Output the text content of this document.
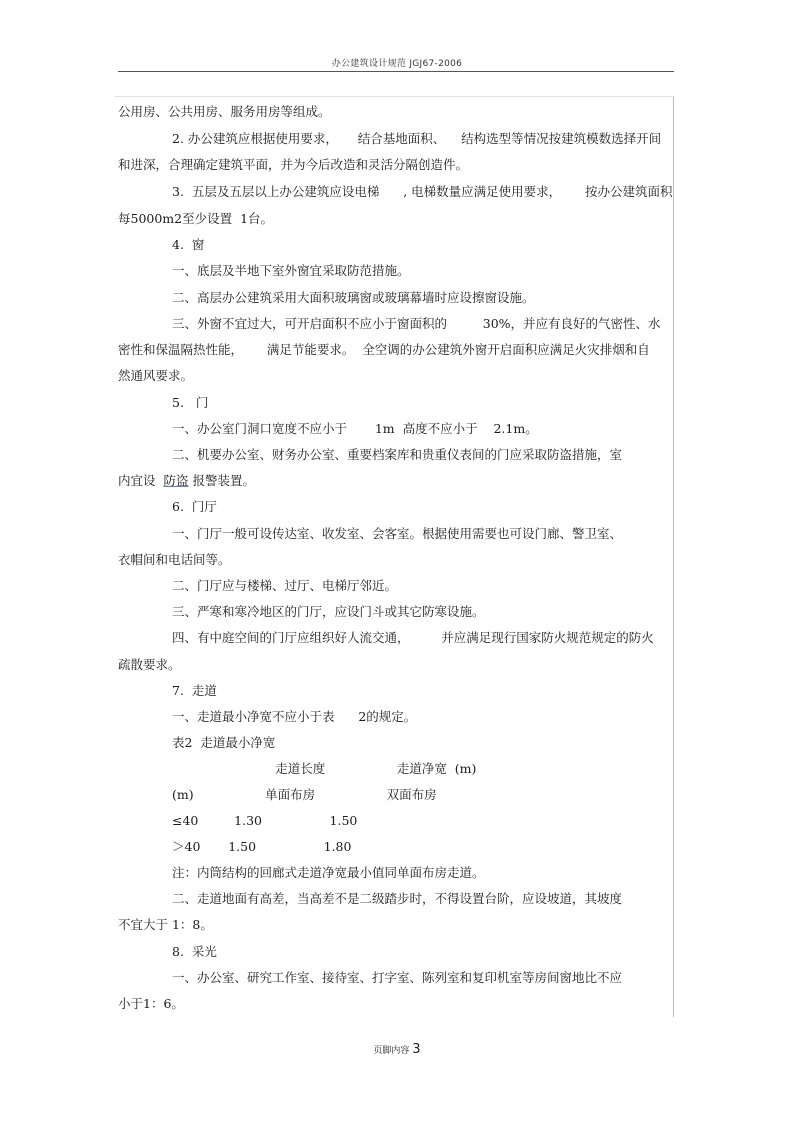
办公建筑设计规范 JGJ67-2006
公用房、公共用房、服务用房等组成。
2. 办公建筑应根据使用要求，     结合基地面积、    结构选型等情况按建筑模数选择开间
和进深，合理确定建筑平面，并为今后改造和灵活分隔创造件。
3.  五层及五层以上办公建筑应设电梯      , 电梯数量应满足使用要求，      按办公建筑面积
每5000m2至少设置  1台。
4.  窗
一、底层及半地下室外窗宜采取防范措施。
二、高层办公建筑采用大面积玻璃窗或玻璃幕墙时应设擦窗设施。
三、外窗不宜过大，可开启面积不应小于窗面积的         30%，并应有良好的气密性、水
密性和保温隔热性能，      满足节能要求。  全空调的办公建筑外窗开启面积应满足火灾排烟和自
然通风要求。
5.   门
一、办公室门洞口宽度不应小于       1m  高度不应小于    2.1m。
二、机要办公室、财务办公室、重要档案库和贵重仪表间的门应采取防盗措施，室
内宜设  防盗 报警装置。
6.  门厅
一、门厅一般可设传达室、收发室、会客室。根据使用需要也可设门廊、警卫室、
衣帽间和电话间等。
二、门厅应与楼梯、过厅、电梯厅邻近。
三、严寒和寒冷地区的门厅，应设门斗或其它防寒设施。
四、有中庭空间的门厅应组织好人流交通，        并应满足现行国家防火规范规定的防火
疏散要求。
7.  走道
一、走道最小净宽不应小于表      2的规定。
表2  走道最小净宽
走道长度                  走道净宽  (m)
(m)                  单面布房                  双面布房
≤40         1.30                 1.50
＞40       1.50                 1.80
注：内筒结构的回廊式走道净宽最小值同单面布房走道。
二、走道地面有高差，当高差不是二级踏步时，不得设置台阶，应设坡道，其坡度
不宜大于 1：8。
8.  采光
一、办公室、研究工作室、接待室、打字室、陈列室和复印机室等房间窗地比不应
小于1：6。
页脚内容 3
